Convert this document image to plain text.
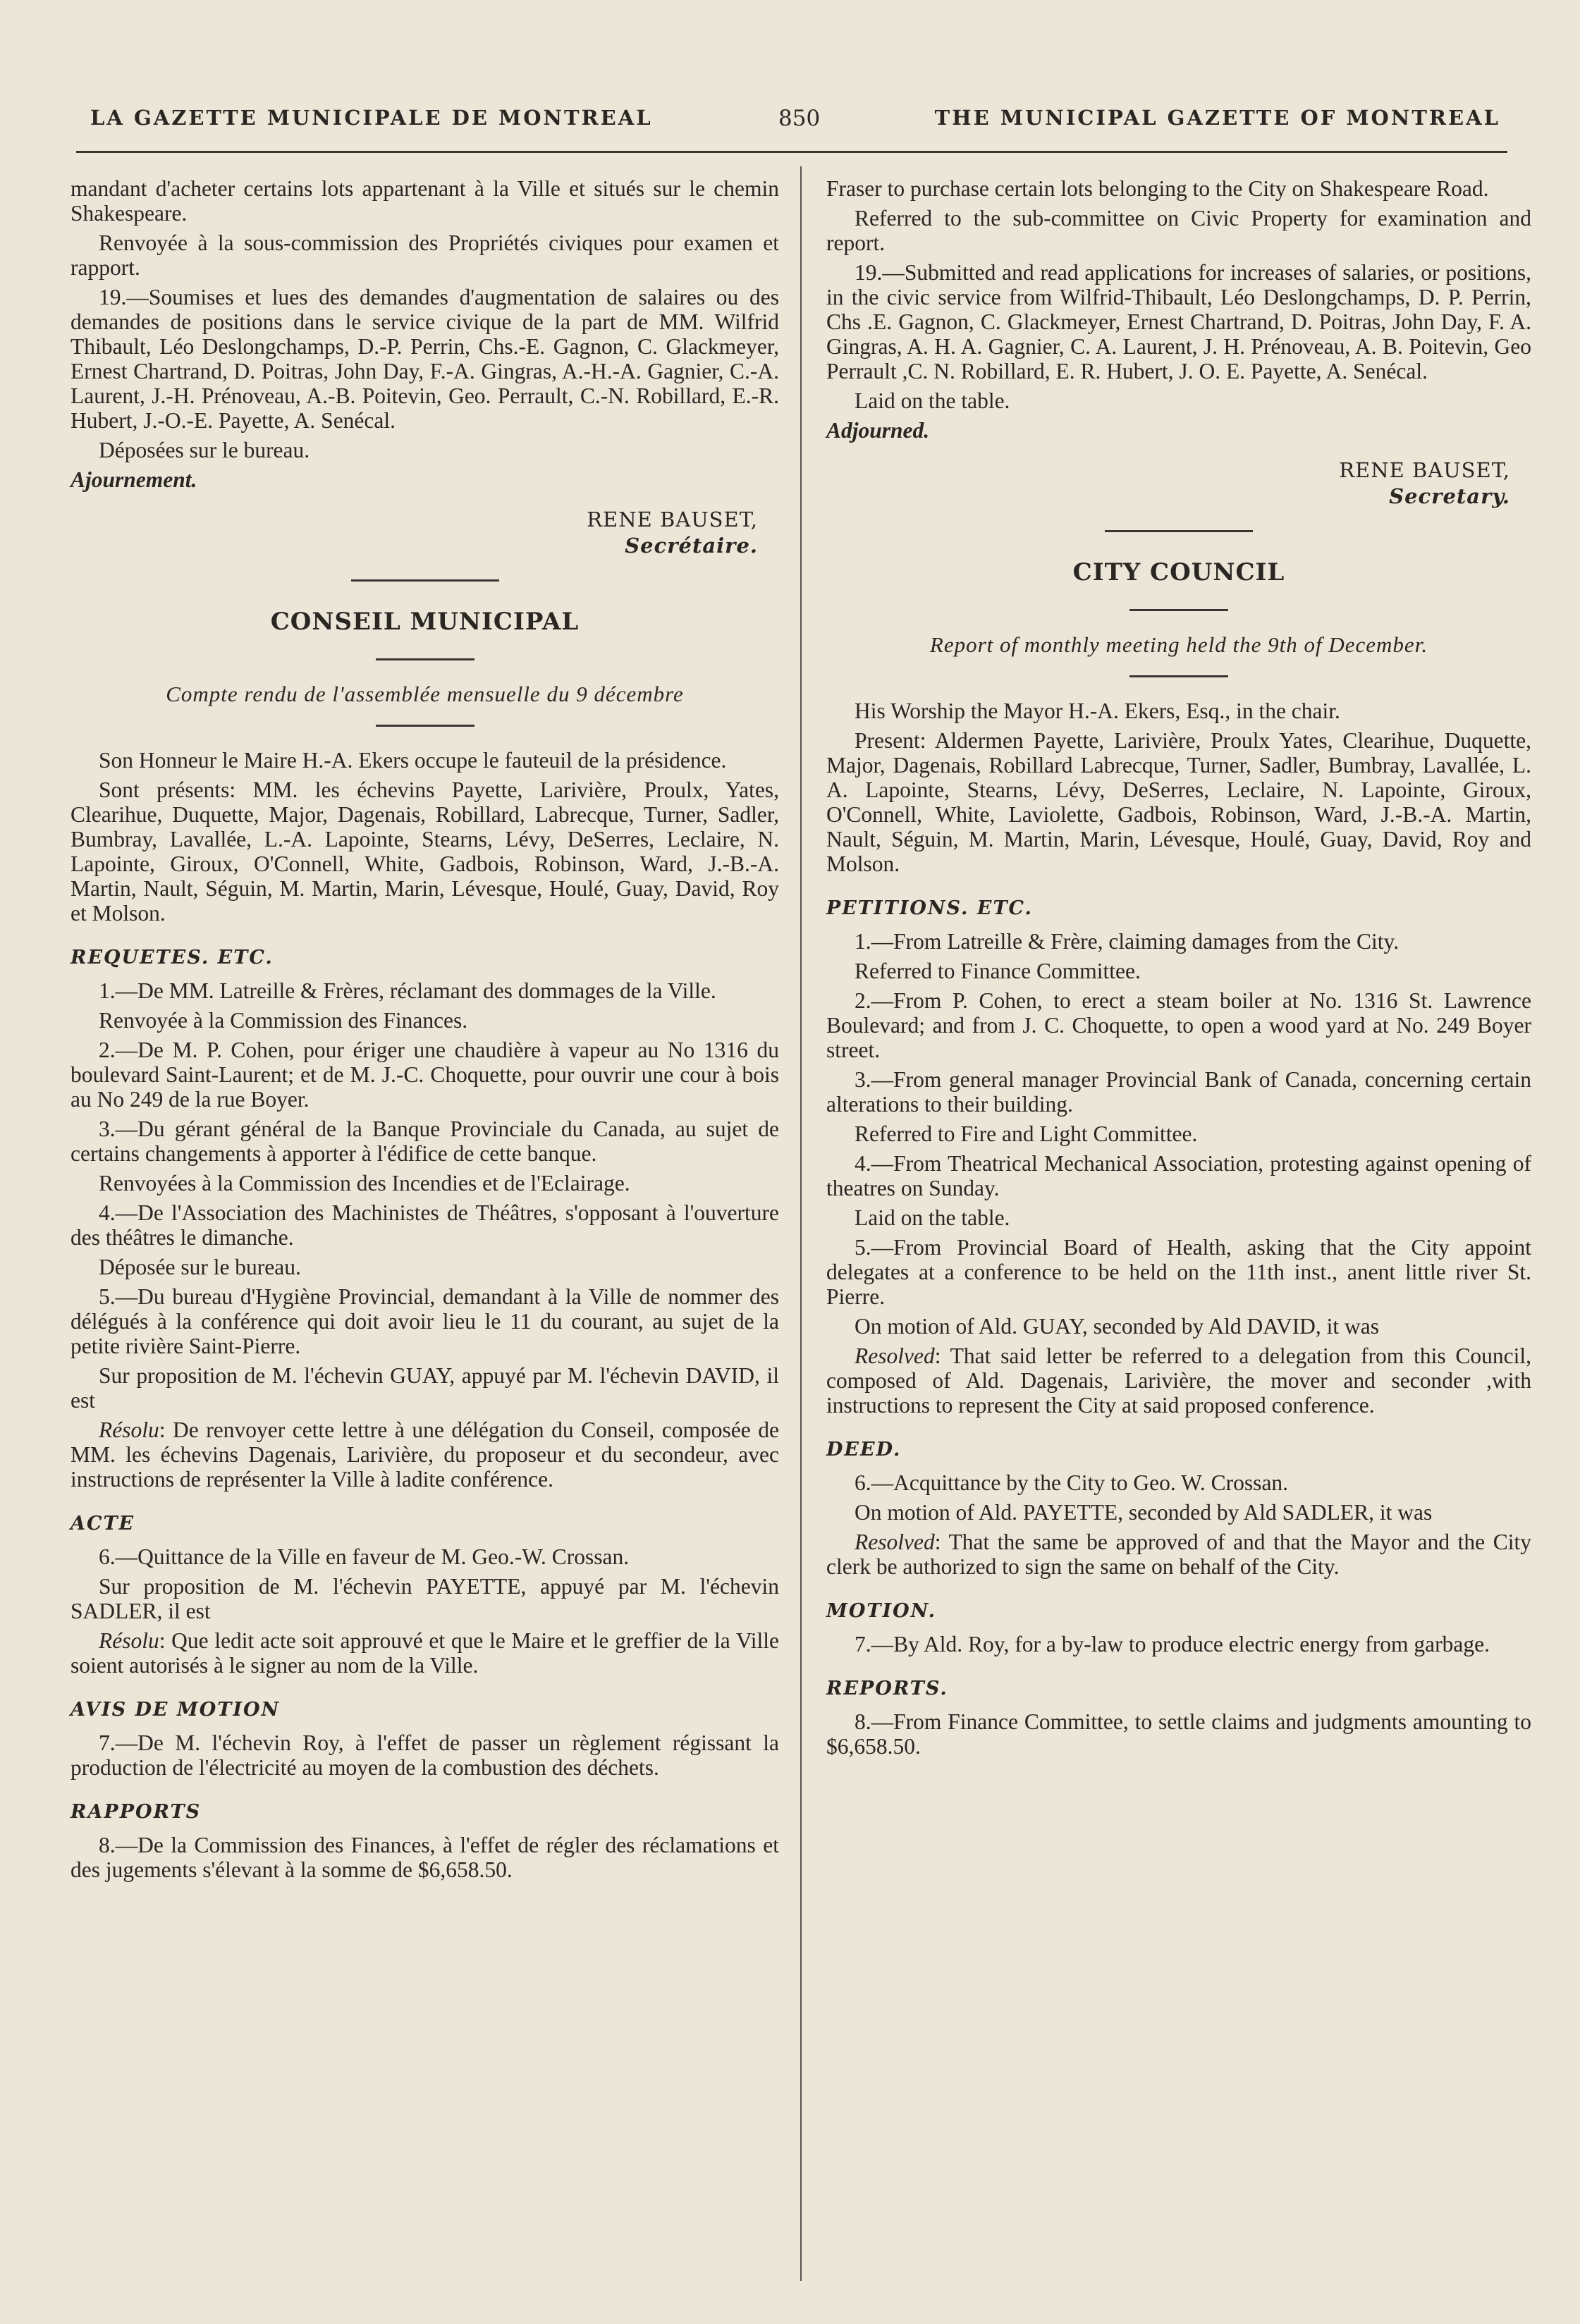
LA GAZETTE MUNICIPALE DE MONTREAL	850	THE MUNICIPAL GAZETTE OF MONTREAL

mandant d'acheter certains lots appartenant à la Ville et situés sur le chemin Shakespeare.

Renvoyée à la sous-commission des Propriétés civiques pour examen et rapport.

19.—Soumises et lues des demandes d'augmentation de salaires ou des demandes de positions dans le service civique de la part de MM. Wilfrid Thibault, Léo Deslongchamps, D.-P. Perrin, Chs.-E. Gagnon, C. Glackmeyer, Ernest Chartrand, D. Poitras, John Day, F.-A. Gingras, A.-H.-A. Gagnier, C.-A. Laurent, J.-H. Prénoveau, A.-B. Poitevin, Geo. Perrault, C.-N. Robillard, E.-R. Hubert, J.-O.-E. Payette, A. Senécal.

Déposées sur le bureau.

Ajournement.

RENE BAUSET,
Secrétaire.
CONSEIL MUNICIPAL
Compte rendu de l'assemblée mensuelle du 9 décembre

Son Honneur le Maire H.-A. Ekers occupe le fauteuil de la présidence.

Sont présents: MM. les échevins Payette, Larivière, Proulx, Yates, Clearihue, Duquette, Major, Dagenais, Robillard, Labrecque, Turner, Sadler, Bumbray, Lavallée, L.-A. Lapointe, Stearns, Lévy, DeSerres, Leclaire, N. Lapointe, Giroux, O'Connell, White, Gadbois, Robinson, Ward, J.-B.-A. Martin, Nault, Séguin, M. Martin, Marin, Lévesque, Houlé, Guay, David, Roy et Molson.

REQUETES. ETC.

1.—De MM. Latreille & Frères, réclamant des dommages de la Ville.

Renvoyée à la Commission des Finances.

2.—De M. P. Cohen, pour ériger une chaudière à vapeur au No 1316 du boulevard Saint-Laurent; et de M. J.-C. Choquette, pour ouvrir une cour à bois au No 249 de la rue Boyer.

3.—Du gérant général de la Banque Provinciale du Canada, au sujet de certains changements à apporter à l'édifice de cette banque.

Renvoyées à la Commission des Incendies et de l'Eclairage.

4.—De l'Association des Machinistes de Théâtres, s'opposant à l'ouverture des théâtres le dimanche.

Déposée sur le bureau.

5.—Du bureau d'Hygiène Provincial, demandant à la Ville de nommer des délégués à la conférence qui doit avoir lieu le 11 du courant, au sujet de la petite rivière Saint-Pierre.

Sur proposition de M. l'échevin GUAY, appuyé par M. l'échevin DAVID, il est

Résolu: De renvoyer cette lettre à une délégation du Conseil, composée de MM. les échevins Dagenais, Larivière, du proposeur et du secondeur, avec instructions de représenter la Ville à ladite conférence.

ACTE

6.—Quittance de la Ville en faveur de M. Geo.-W. Crossan.

Sur proposition de M. l'échevin PAYETTE, appuyé par M. l'échevin SADLER, il est

Résolu: Que ledit acte soit approuvé et que le Maire et le greffier de la Ville soient autorisés à le signer au nom de la Ville.

AVIS DE MOTION

7.—De M. l'échevin Roy, à l'effet de passer un règlement régissant la production de l'électricité au moyen de la combustion des déchets.

RAPPORTS

8.—De la Commission des Finances, à l'effet de régler des réclamations et des jugements s'élevant à la somme de $6,658.50.

Fraser to purchase certain lots belonging to the City on Shakespeare Road.

Referred to the sub-committee on Civic Property for examination and report.

19.—Submitted and read applications for increases of salaries, or positions, in the civic service from Wilfrid-Thibault, Léo Deslongchamps, D. P. Perrin, Chs .E. Gagnon, C. Glackmeyer, Ernest Chartrand, D. Poitras, John Day, F. A. Gingras, A. H. A. Gagnier, C. A. Laurent, J. H. Prénoveau, A. B. Poitevin, Geo Perrault ,C. N. Robillard, E. R. Hubert, J. O. E. Payette, A. Senécal.

Laid on the table.

Adjourned.

RENE BAUSET,
Secretary.
CITY COUNCIL
Report of monthly meeting held the 9th of December.

His Worship the Mayor H.-A. Ekers, Esq., in the chair.

Present: Aldermen Payette, Larivière, Proulx Yates, Clearihue, Duquette, Major, Dagenais, Robillard Labrecque, Turner, Sadler, Bumbray, Lavallée, L. A. Lapointe, Stearns, Lévy, DeSerres, Leclaire, N. Lapointe, Giroux, O'Connell, White, Laviolette, Gadbois, Robinson, Ward, J.-B.-A. Martin, Nault, Séguin, M. Martin, Marin, Lévesque, Houlé, Guay, David, Roy and Molson.

PETITIONS. ETC.

1.—From Latreille & Frère, claiming damages from the City.

Referred to Finance Committee.

2.—From P. Cohen, to erect a steam boiler at No. 1316 St. Lawrence Boulevard; and from J. C. Choquette, to open a wood yard at No. 249 Boyer street.

3.—From general manager Provincial Bank of Canada, concerning certain alterations to their building.

Referred to Fire and Light Committee.

4.—From Theatrical Mechanical Association, protesting against opening of theatres on Sunday.

Laid on the table.

5.—From Provincial Board of Health, asking that the City appoint delegates at a conference to be held on the 11th inst., anent little river St. Pierre.

On motion of Ald. GUAY, seconded by Ald DAVID, it was

Resolved: That said letter be referred to a delegation from this Council, composed of Ald. Dagenais, Larivière, the mover and seconder ,with instructions to represent the City at said proposed conference.

DEED.

6.—Acquittance by the City to Geo. W. Crossan.

On motion of Ald. PAYETTE, seconded by Ald SADLER, it was

Resolved: That the same be approved of and that the Mayor and the City clerk be authorized to sign the same on behalf of the City.

MOTION.

7.—By Ald. Roy, for a by-law to produce electric energy from garbage.

REPORTS.

8.—From Finance Committee, to settle claims and judgments amounting to $6,658.50.
